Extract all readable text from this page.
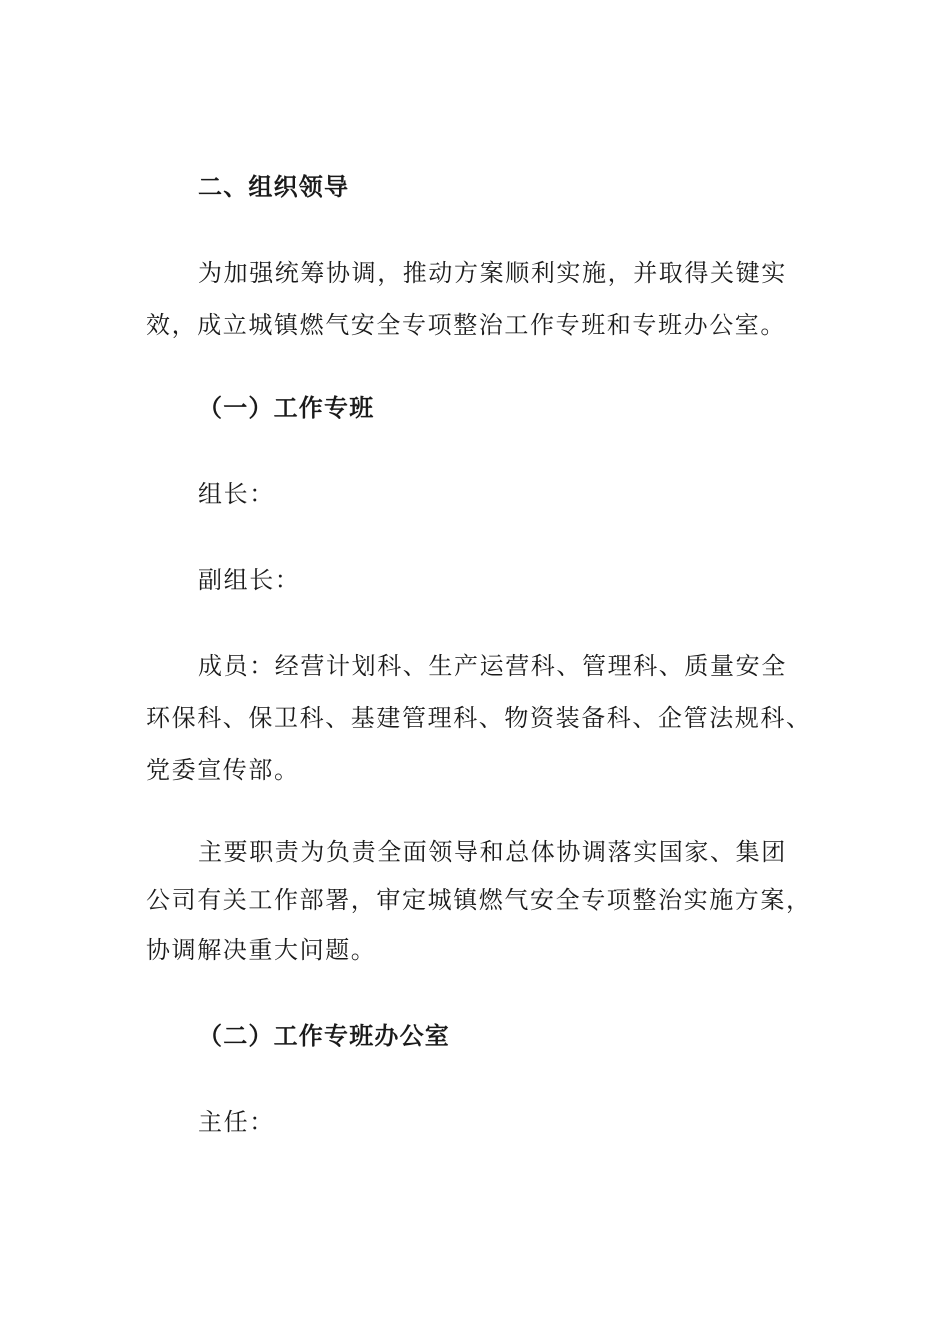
二、组织领导
为加强统筹协调，推动方案顺利实施，并取得关键实
效，成立城镇燃气安全专项整治工作专班和专班办公室。
（一）工作专班
组长：
副组长：
成员：经营计划科、生产运营科、管理科、质量安全
环保科、保卫科、基建管理科、物资装备科、企管法规科、
党委宣传部。
主要职责为负责全面领导和总体协调落实国家、集团
公司有关工作部署，审定城镇燃气安全专项整治实施方案，
协调解决重大问题。
（二）工作专班办公室
主任：
